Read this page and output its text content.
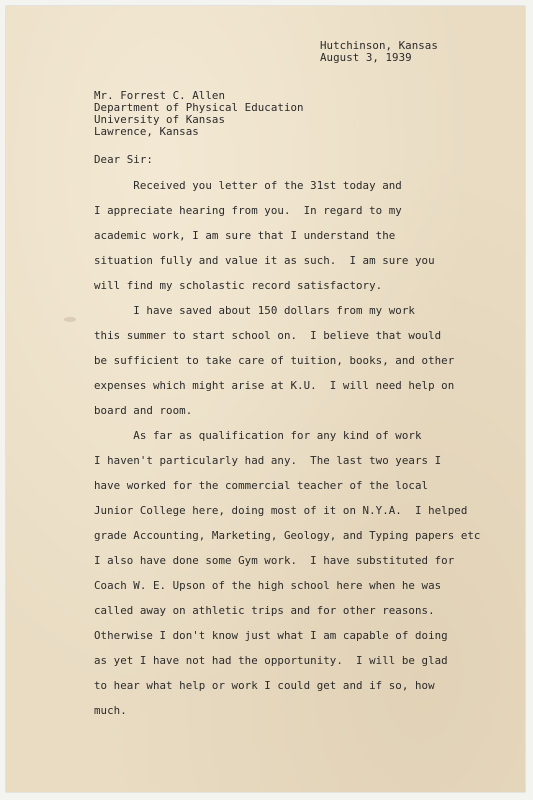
Hutchinson, Kansas

August 3, 1939

Mr. Forrest C. Allen

Department of Physical Education

University of Kansas

Lawrence, Kansas

Dear Sir:

Received you letter of the 31st today and

I appreciate hearing from you.  In regard to my

academic work, I am sure that I understand the

situation fully and value it as such.  I am sure you

will find my scholastic record satisfactory.

I have saved about 150 dollars from my work

this summer to start school on.  I believe that would

be sufficient to take care of tuition, books, and other

expenses which might arise at K.U.  I will need help on

board and room.

As far as qualification for any kind of work

I haven't particularly had any.  The last two years I

have worked for the commercial teacher of the local

Junior College here, doing most of it on N.Y.A.  I helped

grade Accounting, Marketing, Geology, and Typing papers etc

I also have done some Gym work.  I have substituted for

Coach W. E. Upson of the high school here when he was

called away on athletic trips and for other reasons.

Otherwise I don't know just what I am capable of doing

as yet I have not had the opportunity.  I will be glad

to hear what help or work I could get and if so, how

much.
